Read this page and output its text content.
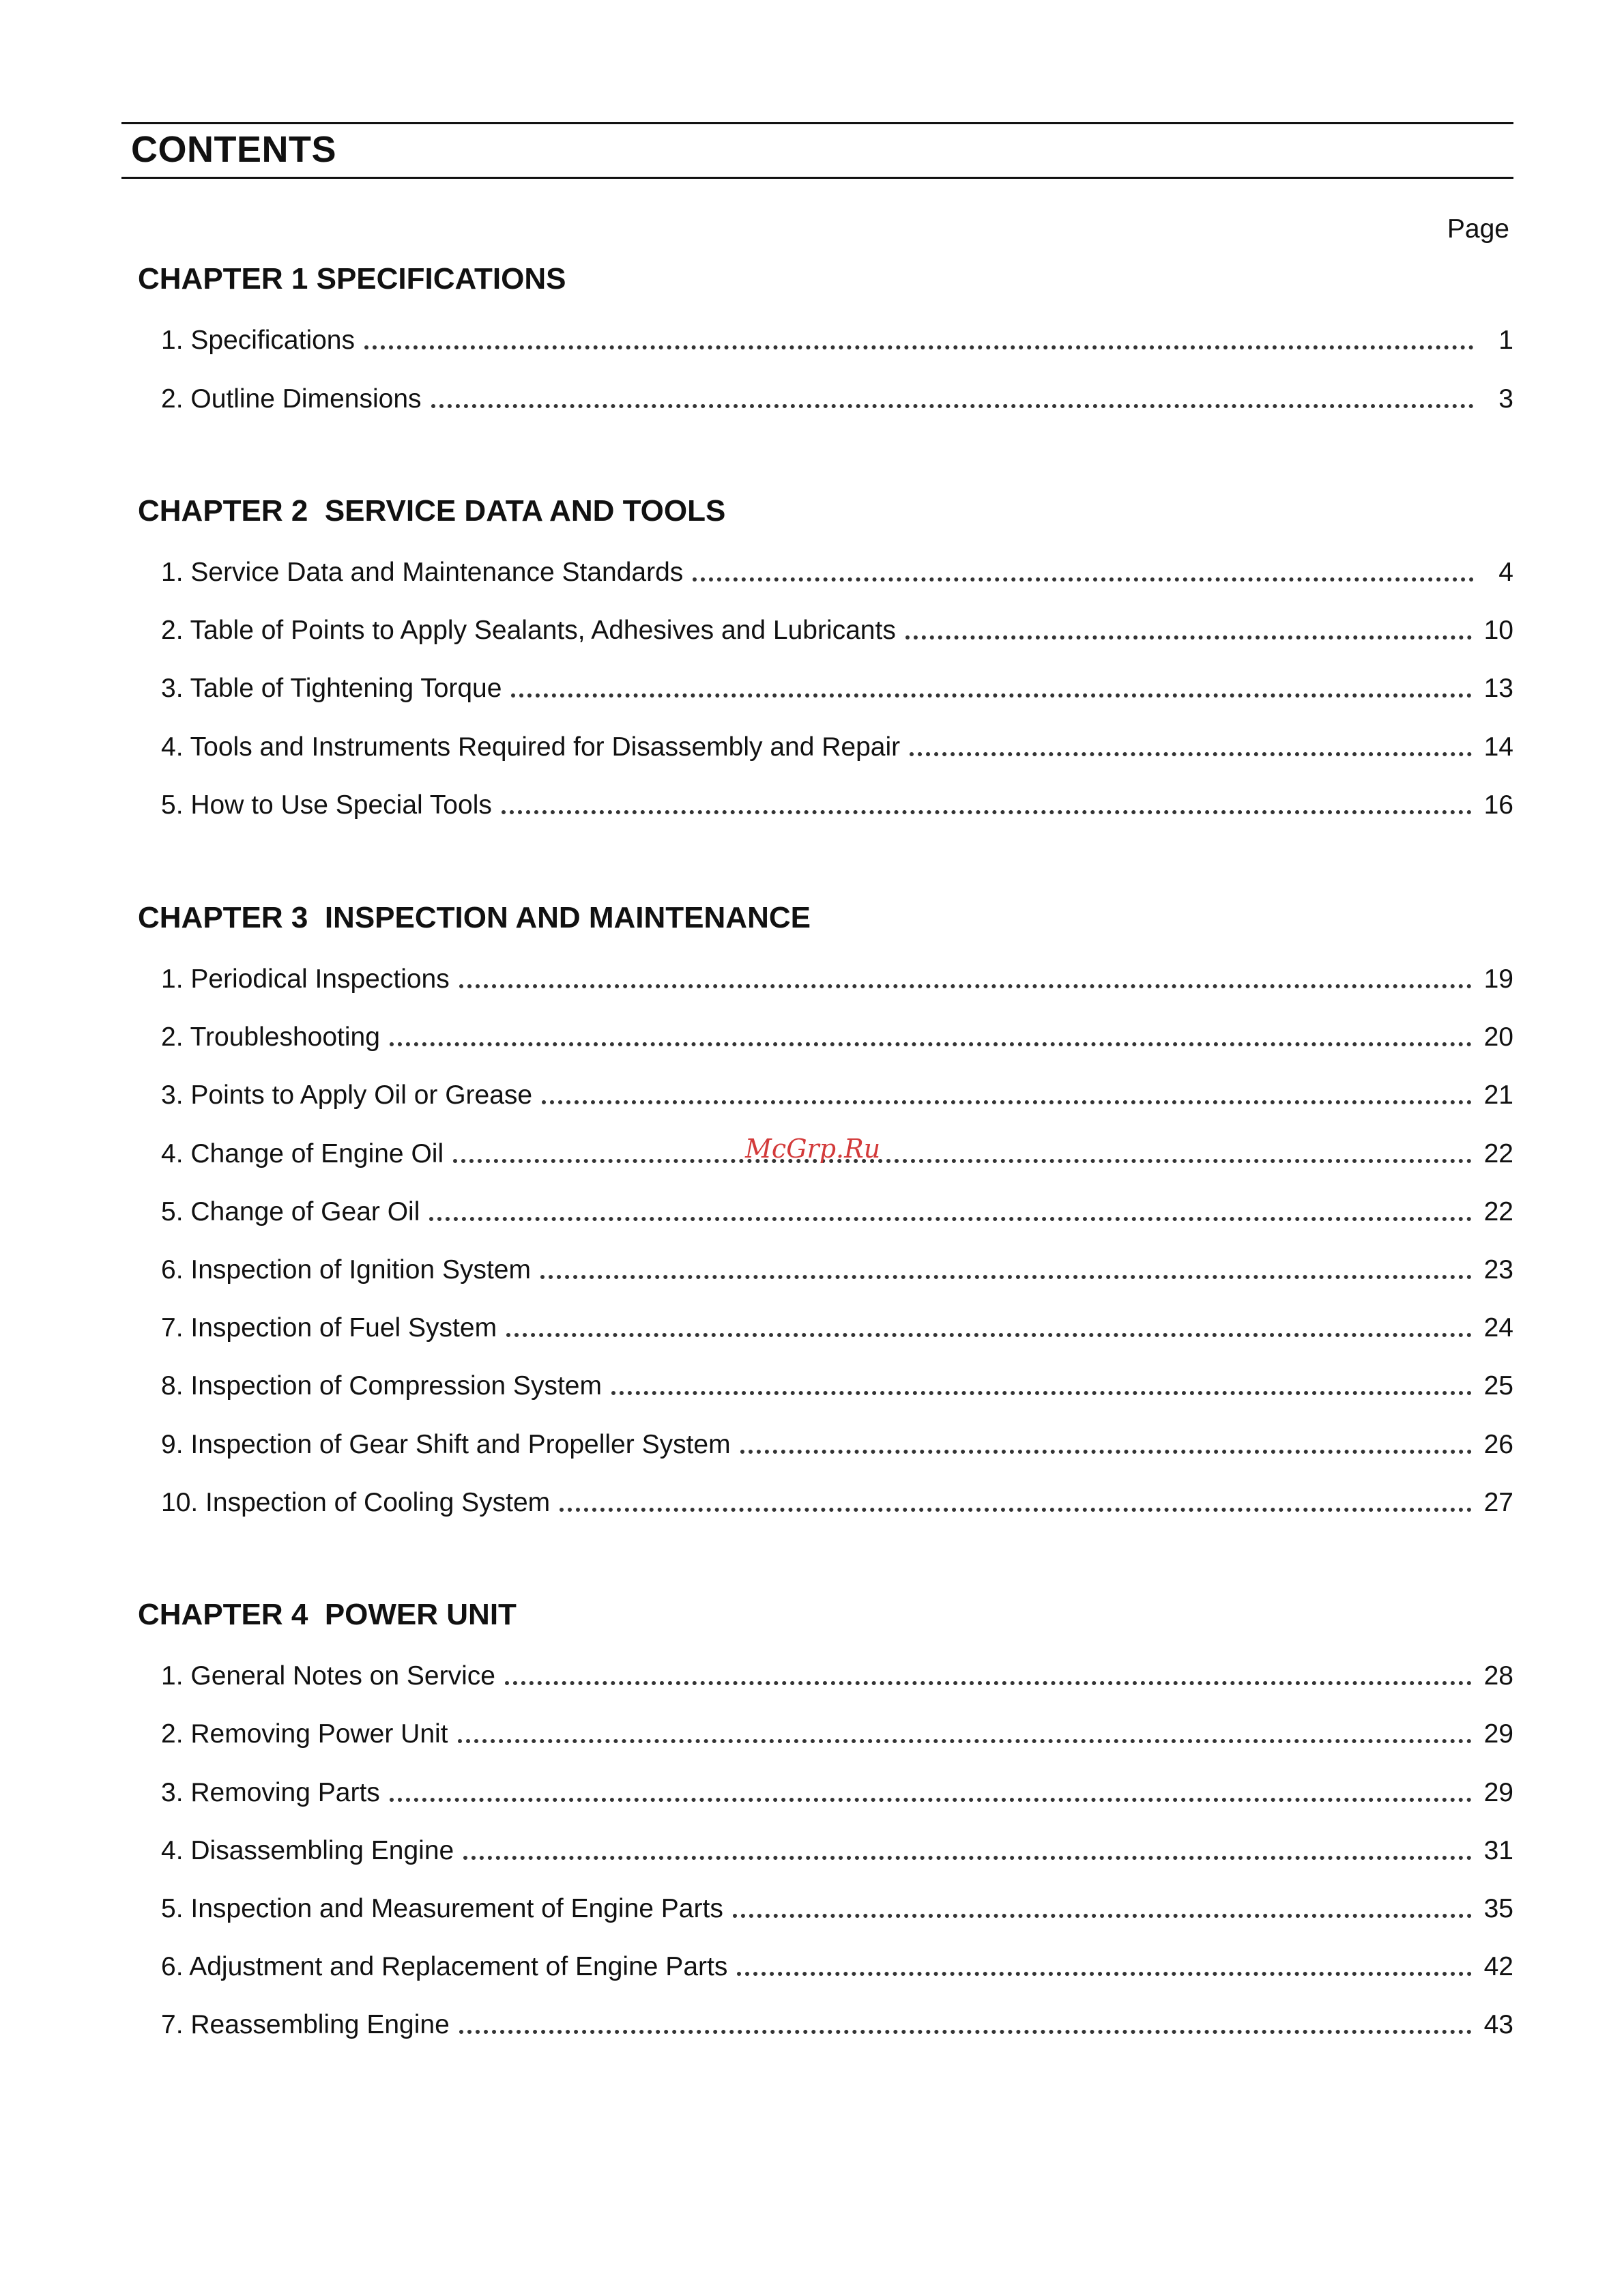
CONTENTS
Page
CHAPTER 1 SPECIFICATIONS
1. Specifications	1
2. Outline Dimensions	3
CHAPTER 2  SERVICE DATA AND TOOLS
1. Service Data and Maintenance Standards	4
2. Table of Points to Apply Sealants, Adhesives and Lubricants	10
3. Table of Tightening Torque	13
4. Tools and Instruments Required for Disassembly and Repair	14
5. How to Use Special Tools	16
CHAPTER 3  INSPECTION AND MAINTENANCE
1. Periodical Inspections	19
2. Troubleshooting	20
3. Points to Apply Oil or Grease	21
4. Change of Engine Oil	22
5. Change of Gear Oil	22
6. Inspection of Ignition System	23
7. Inspection of Fuel System	24
8. Inspection of Compression System	25
9. Inspection of Gear Shift and Propeller System	26
10. Inspection of Cooling System	27
CHAPTER 4  POWER UNIT
1. General Notes on Service	28
2. Removing Power Unit	29
3. Removing Parts	29
4. Disassembling Engine	31
5. Inspection and Measurement of Engine Parts	35
6. Adjustment and Replacement of Engine Parts	42
7. Reassembling Engine	43
McGrp.Ru
